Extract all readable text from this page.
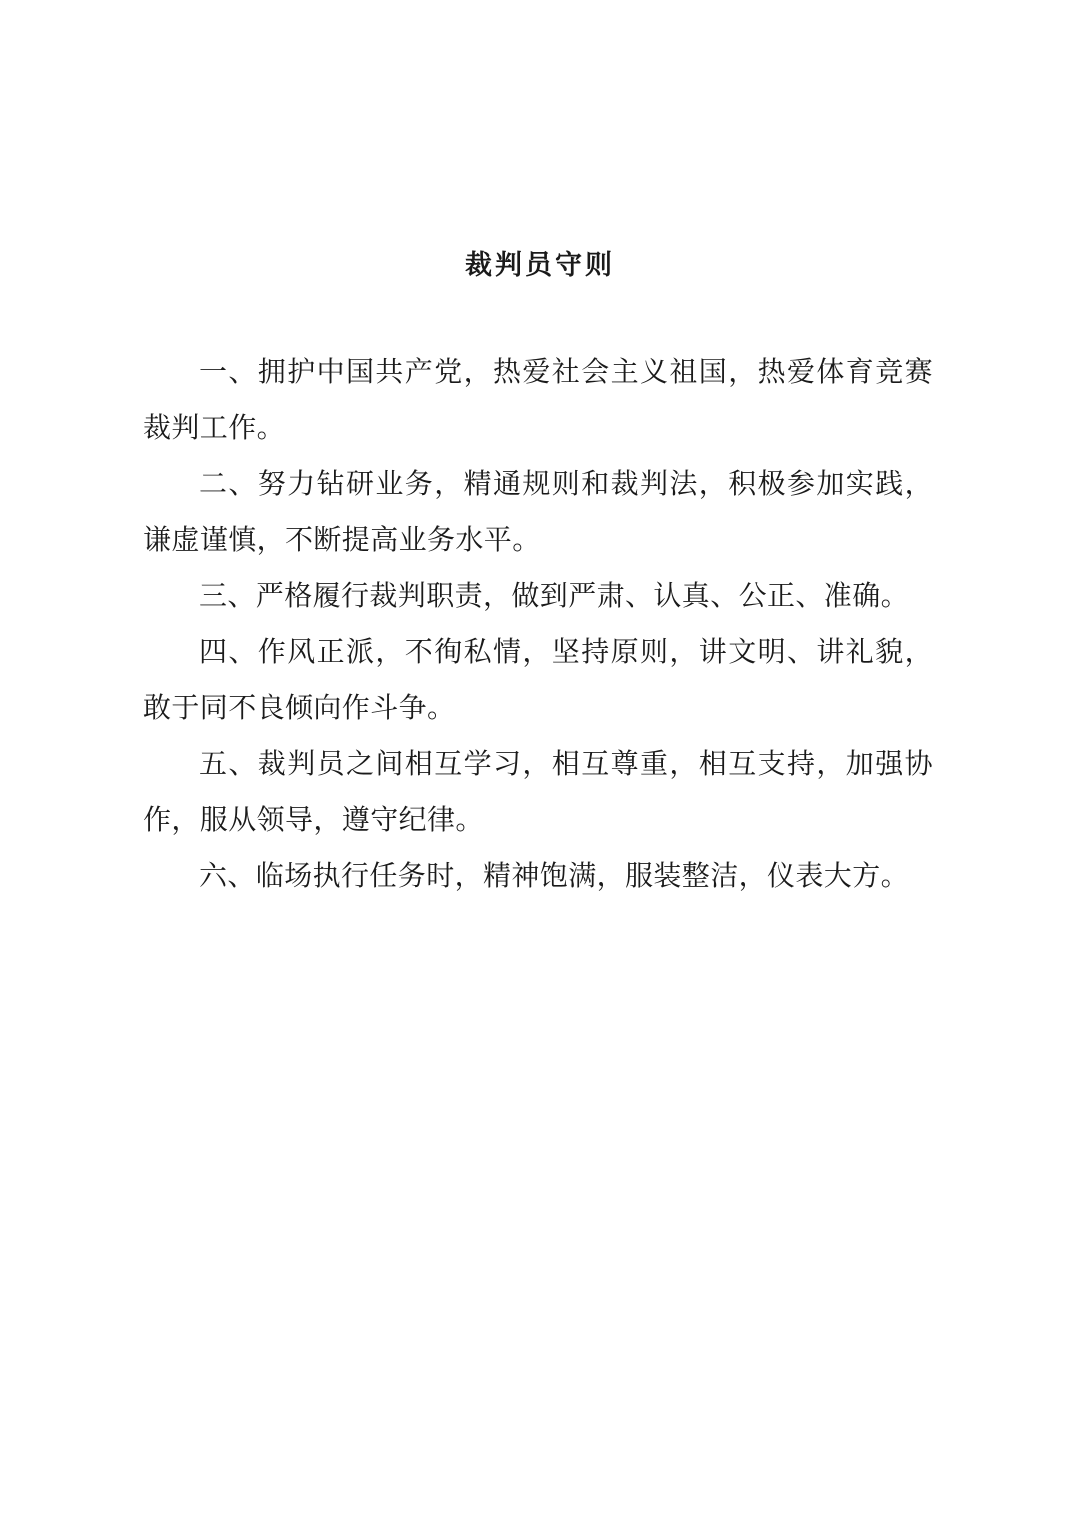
裁判员守则

一、拥护中国共产党，热爱社会主义祖国，热爱体育竞赛裁判工作。

二、努力钻研业务，精通规则和裁判法，积极参加实践，谦虚谨慎，不断提高业务水平。

三、严格履行裁判职责，做到严肃、认真、公正、准确。

四、作风正派，不徇私情，坚持原则，讲文明、讲礼貌，敢于同不良倾向作斗争。

五、裁判员之间相互学习，相互尊重，相互支持，加强协作，服从领导，遵守纪律。

六、临场执行任务时，精神饱满，服装整洁，仪表大方。
